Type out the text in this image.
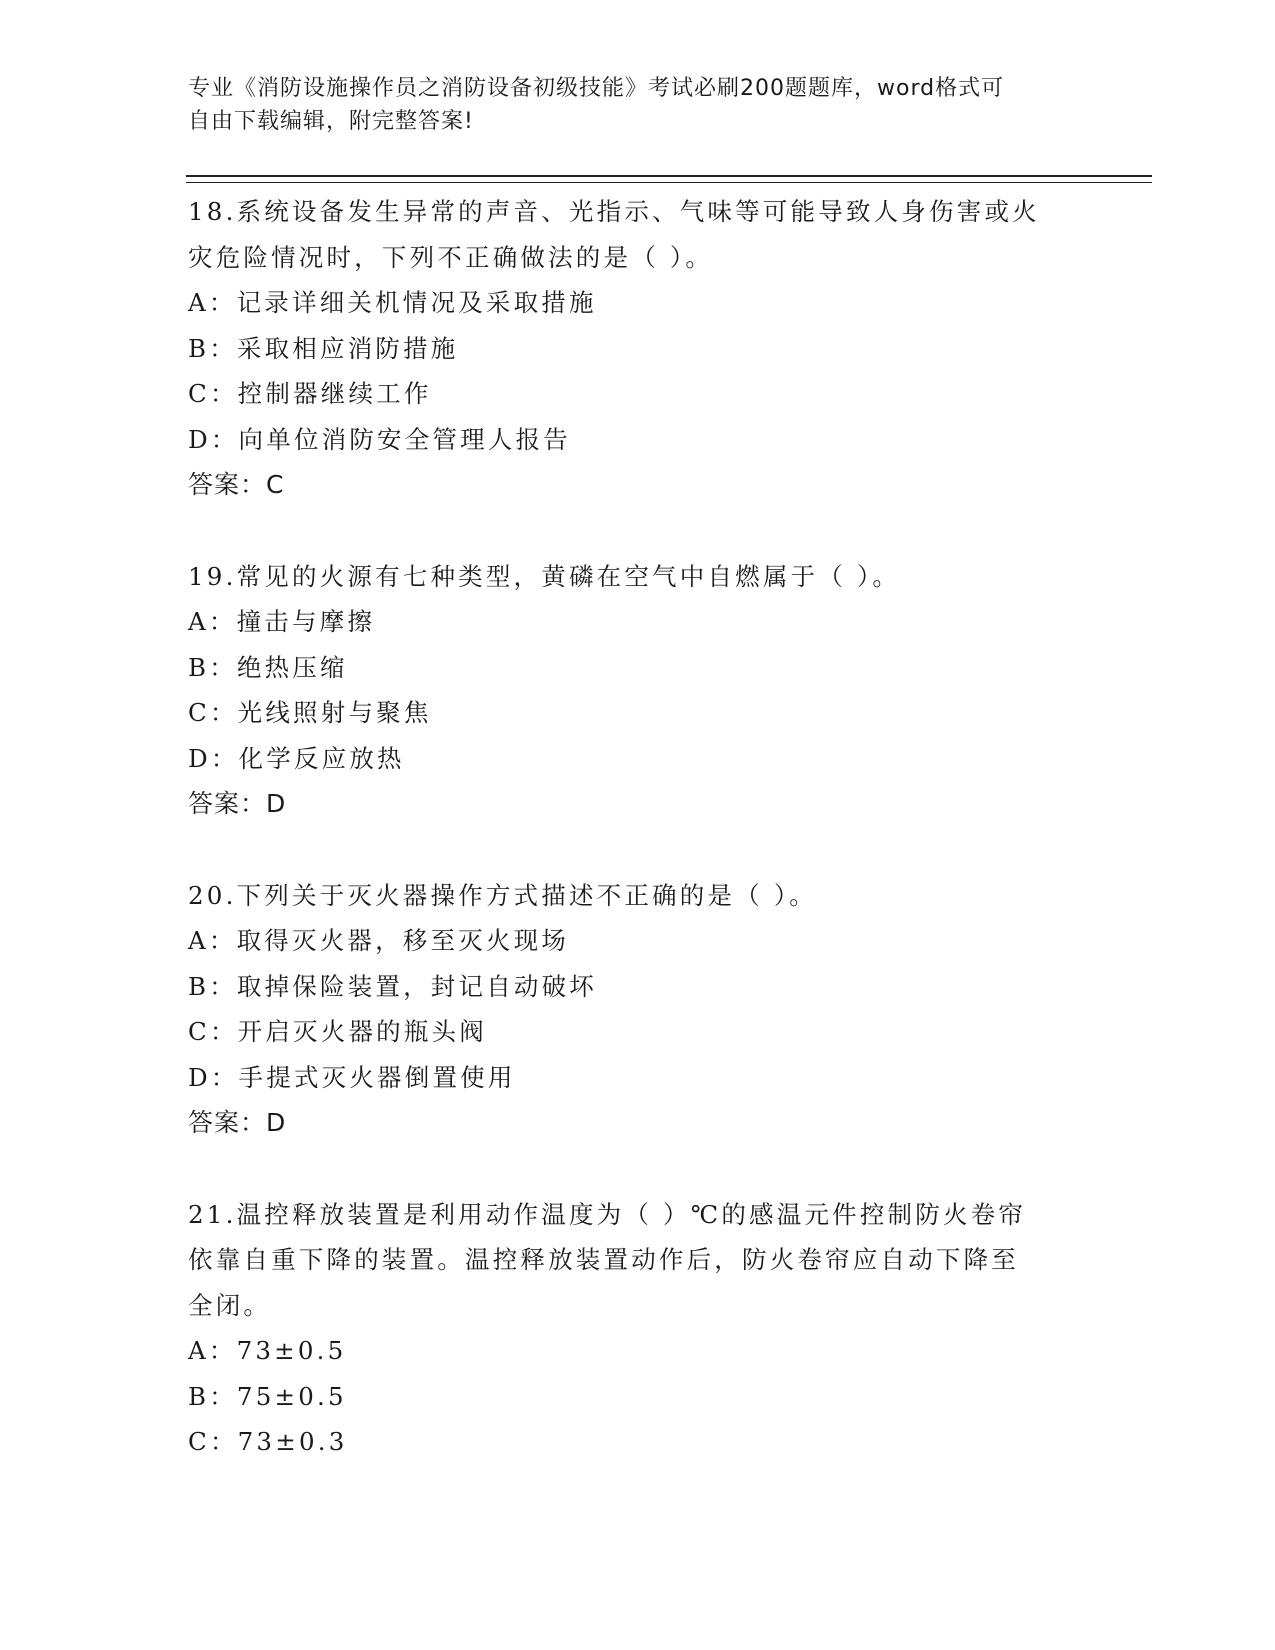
专业《消防设施操作员之消防设备初级技能》考试必刷200题题库，word格式可
自由下载编辑，附完整答案!
18.系统设备发生异常的声音、光指示、气味等可能导致人身伤害或火
灾危险情况时，下列不正确做法的是（ ）。
A：记录详细关机情况及采取措施
B：采取相应消防措施
C：控制器继续工作
D：向单位消防安全管理人报告
答案：C
19.常见的火源有七种类型，黄磷在空气中自燃属于（ ）。
A：撞击与摩擦
B：绝热压缩
C：光线照射与聚焦
D：化学反应放热
答案：D
20.下列关于灭火器操作方式描述不正确的是（ ）。
A：取得灭火器，移至灭火现场
B：取掉保险装置，封记自动破坏
C：开启灭火器的瓶头阀
D：手提式灭火器倒置使用
答案：D
21.温控释放装置是利用动作温度为（ ）℃的感温元件控制防火卷帘
依靠自重下降的装置。温控释放装置动作后，防火卷帘应自动下降至
全闭。
A：73±0.5
B：75±0.5
C：73±0.3
